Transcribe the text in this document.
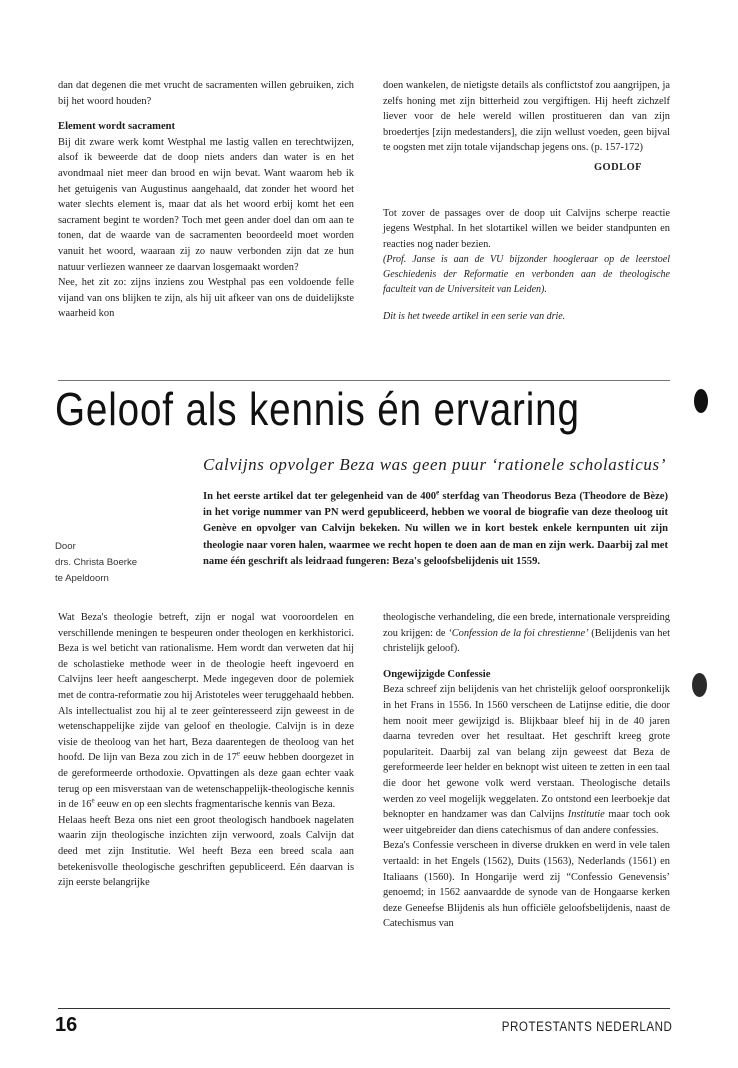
dan dat degenen die met vrucht de sacramenten willen gebruiken, zich bij het woord houden?

Element wordt sacrament

Bij dit zware werk komt Westphal me lastig vallen en terechtwijzen, alsof ik beweerde dat de doop niets anders dan water is en het avondmaal niet meer dan brood en wijn bevat. Want waarom heb ik het getuigenis van Augustinus aangehaald, dat zonder het woord het water slechts element is, maar dat als het woord erbij komt het een sacrament begint te worden? Toch met geen ander doel dan om aan te tonen, dat de waarde van de sacramenten beoordeeld moet worden vanuit het woord, waaraan zij zo nauw verbonden zijn dat ze hun natuur verliezen wanneer ze daarvan losgemaakt worden?

Nee, het zit zo: zijns inziens zou Westphal pas een voldoende felle vijand van ons blijken te zijn, als hij uit afkeer van ons de duidelijkste waarheid kon

doen wankelen, de nietigste details als conflictstof zou aangrijpen, ja zelfs honing met zijn bitterheid zou vergiftigen. Hij heeft zichzelf liever voor de hele wereld willen prostitueren dan van zijn broedertjes [zijn medestanders], die zijn wellust voeden, geen bijval te oogsten met zijn totale vijandschap jegens ons. (p. 157-172)

GODLOF

Tot zover de passages over de doop uit Calvijns scherpe reactie jegens Westphal. In het slotartikel willen we beider standpunten en reacties nog nader bezien.

(Prof. Janse is aan de VU bijzonder hoogleraar op de leerstoel Geschiedenis der Reformatie en verbonden aan de theologische faculteit van de Universiteit van Leiden).

Dit is het tweede artikel in een serie van drie.

Geloof als kennis én ervaring
Calvijns opvolger Beza was geen puur ‘rationele scholasticus’
Door
drs. Christa Boerke
te Apeldoorn

In het eerste artikel dat ter gelegenheid van de 400e sterfdag van Theodorus Beza (Theodore de Bèze) in het vorige nummer van PN werd gepubliceerd, hebben we vooral de biografie van deze theoloog uit Genève en opvolger van Calvijn bekeken. Nu willen we in kort bestek enkele kernpunten uit zijn theologie naar voren halen, waarmee we recht hopen te doen aan de man en zijn werk. Daarbij zal met name één geschrift als leidraad fungeren: Beza's geloofsbelijdenis uit 1559.

Wat Beza's theologie betreft, zijn er nogal wat vooroordelen en verschillende meningen te bespeuren onder theologen en kerkhistorici. Beza is wel beticht van rationalisme. Hem wordt dan verweten dat hij de scholastieke methode weer in de theologie heeft ingevoerd en Calvijns leer heeft aangescherpt. Mede ingegeven door de polemiek met de contra-reformatie zou hij Aristoteles weer teruggehaald hebben. Als intellectualist zou hij al te zeer geïnteresseerd zijn geweest in de wetenschappelijke zijde van geloof en theologie. Calvijn is in deze visie de theoloog van het hart, Beza daarentegen de theoloog van het hoofd. De lijn van Beza zou zich in de 17e eeuw hebben doorgezet in de gereformeerde orthodoxie. Opvattingen als deze gaan echter vaak terug op een misverstaan van de wetenschappelijk-theologische kennis in de 16e eeuw en op een slechts fragmentarische kennis van Beza.

Helaas heeft Beza ons niet een groot theologisch handboek nagelaten waarin zijn theologische inzichten zijn verwoord, zoals Calvijn dat deed met zijn Institutie. Wel heeft Beza een breed scala aan betekenisvolle theologische geschriften gepubliceerd. Eén daarvan is zijn eerste belangrijke

theologische verhandeling, die een brede, internationale verspreiding zou krijgen: de ‘Confession de la foi chrestienne’ (Belijdenis van het christelijk geloof).

Ongewijzigde Confessie

Beza schreef zijn belijdenis van het christelijk geloof oorspronkelijk in het Frans in 1556. In 1560 verscheen de Latijnse editie, die door hem nooit meer gewijzigd is. Blijkbaar bleef hij in de 40 jaren daarna tevreden over het resultaat. Het geschrift kreeg grote populariteit. Daarbij zal van belang zijn geweest dat Beza de gereformeerde leer helder en beknopt wist uiteen te zetten in een taal die door het gewone volk werd verstaan. Theologische details werden zo veel mogelijk weggelaten. Zo ontstond een leerboekje dat beknopter en handzamer was dan Calvijns Institutie maar toch ook weer uitgebreider dan diens catechismus of dan andere confessies.

Beza's Confessie verscheen in diverse drukken en werd in vele talen vertaald: in het Engels (1562), Duits (1563), Nederlands (1561) en Italiaans (1560). In Hongarije werd zij “Confessio Genevensis’ genoemd; in 1562 aanvaardde de synode van de Hongaarse kerken deze Geneefse Blijdenis als hun officiële geloofsbelijdenis, naast de Catechismus van

16	PROTESTANTS NEDERLAND
